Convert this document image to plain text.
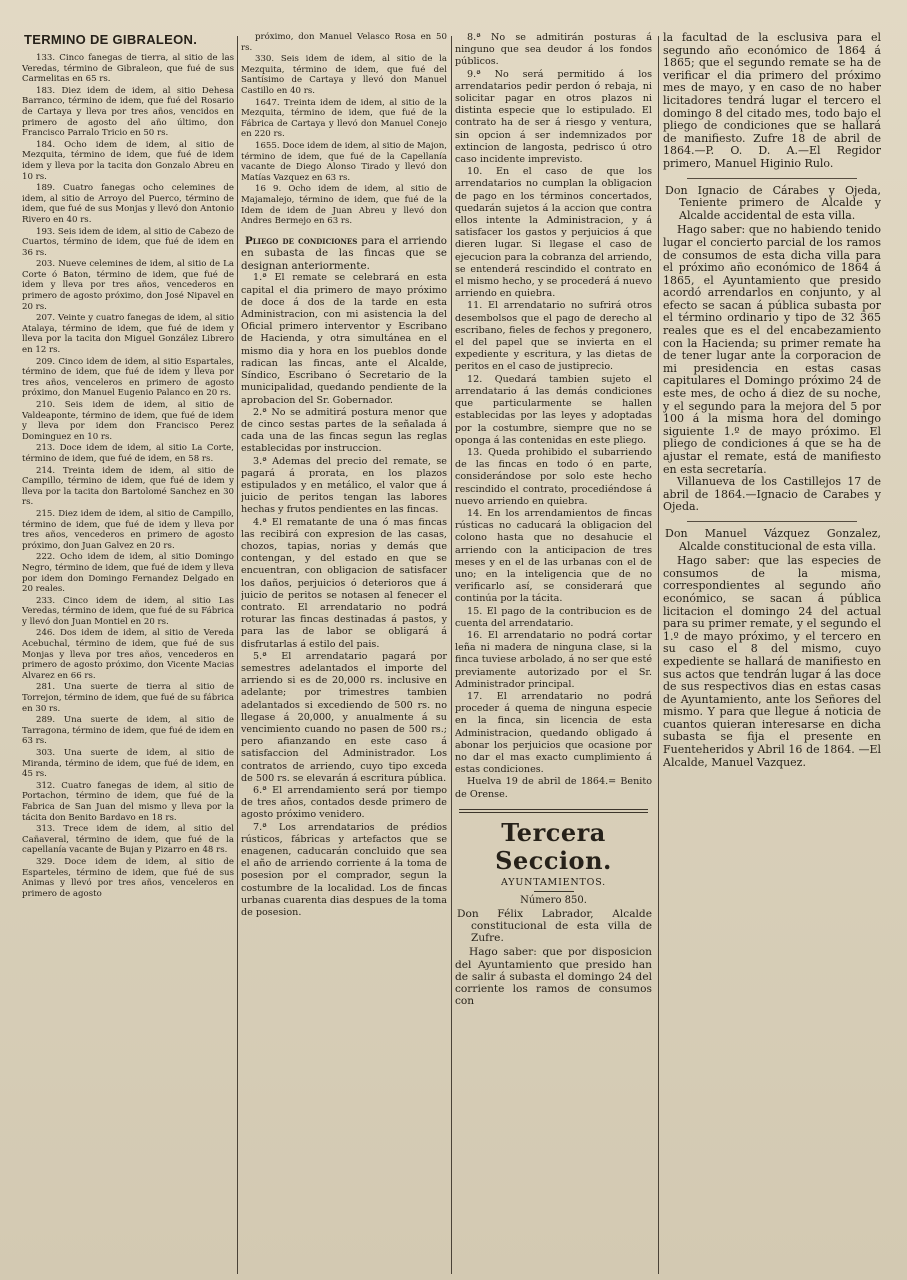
TERMINO DE GIBRALEON.

133. Cinco fanegas de tierra, al sitio de las Veredas, término de Gibraleon, que fué de sus Carmelitas en 65 rs.

183. Diez idem de idem, al sitio Dehesa Barranco, término de idem, que fué del Rosario de Cartaya y lleva por tres años, vencidos en primero de agosto del año último, don Francisco Parralo Tricio en 50 rs.

184. Ocho idem de idem, al sitio de Mezquita, término de idem, que fué de idem idem y lleva por la tacita don Gonzalo Abreu en 10 rs.

189. Cuatro fanegas ocho celemines de idem, al sitio de Arroyo del Puerco, término de idem, que fué de sus Monjas y llevó don Antonio Rivero en 40 rs.

193. Seis idem de idem, al sitio de Cabezo de Cuartos, término de idem, que fué de idem en 36 rs.

203. Nueve celemines de idem, al sitio de La Corte ó Baton, término de idem, que fué de idem y lleva por tres años, vencederos en primero de agosto próximo, don José Nipavel en 20 rs.

207. Veinte y cuatro fanegas de idem, al sitio Atalaya, término de idem, que fué de idem y lleva por la tacita don Miguel González Librero en 12 rs.

209. Cinco idem de idem, al sitio Espartales, término de idem, que fué de idem y lleva por tres años, venceleros en primero de agosto próximo, don Manuel Eugenio Palanco en 20 rs.

210. Seis idem de idem, al sitio de Valdeaponte, término de idem, que fué de idem y lleva por idem don Francisco Perez Dominguez en 10 rs.

213. Doce idem de idem, al sitio La Corte, término de idem, que fué de idem, en 58 rs.

214. Treinta idem de idem, al sitio de Campillo, término de idem, que fué de idem y lleva por la tacita don Bartolomé Sanchez en 30 rs.

215. Diez idem de idem, al sitio de Campillo, término de idem, que fué de idem y lleva por tres años, vencederos en primero de agosto próximo, don Juan Galvez en 20 rs.

222. Ocho idem de idem, al sitio Domingo Negro, término de idem, que fué de idem y lleva por idem don Domingo Fernandez Delgado en 20 reales.

233. Cinco idem de idem, al sitio Las Veredas, término de idem, que fué de su Fábrica y llevó don Juan Montiel en 20 rs.

246. Dos idem de idem, al sitio de Vereda Acebuchal, término de idem, que fué de sus Monjas y lleva por tres años, vencederos en primero de agosto próximo, don Vicente Macias Alvarez en 66 rs.

281. Una suerte de tierra al sitio de Torrejon, término de idem, que fué de su fábrica en 30 rs.

289. Una suerte de idem, al sitio de Tarragona, término de idem, que fué de idem en 63 rs.

303. Una suerte de idem, al sitio de Miranda, término de idem, que fué de idem, en 45 rs.

312. Cuatro fanegas de idem, al sitio de Portachon, término de idem, que fué de la Fabrica de San Juan del mismo y lleva por la tácita don Benito Bardavo en 18 rs.

313. Trece idem de idem, al sitio del Cañaveral, término de idem, que fué de la capellanía vacante de Bujan y Pizarro en 48 rs.

329. Doce idem de idem, al sitio de Esparteles, término de idem, que fué de sus Animas y llevó por tres años, venceleros en primero de agosto

próximo, don Manuel Velasco Rosa en 50 rs.

330. Seis idem de idem, al sitio de la Mezquita, término de idem, que fué del Santísimo de Cartaya y llevó don Manuel Castillo en 40 rs.

1647. Treinta idem de idem, al sitio de la Mezquita, término de idem, que fué de la Fábrica de Cartaya y llevó don Manuel Conejo en 220 rs.

1655. Doce idem de idem, al sitio de Majon, término de idem, que fué de la Capellanía vacante de Diego Alonso Tirado y llevó don Matías Vazquez en 63 rs.

16 9. Ocho idem de idem, al sitio de Majamalejo, término de idem, que fué de la Idem de idem de Juan Abreu y llevó don Andres Bermejo en 63 rs.

Pliego de condiciones para el arriendo en subasta de las fincas que se designan anteriormente.

1.ª El remate se celebrará en esta capital el dia primero de mayo próximo de doce á dos de la tarde en esta Administracion, con mi asistencia la del Oficial primero interventor y Escribano de Hacienda, y otra simultánea en el mismo dia y hora en los pueblos donde radican las fincas, ante el Alcalde, Síndico, Escribano ó Secretario de la municipalidad, quedando pendiente de la aprobacion del Sr. Gobernador.

2.ª No se admitirá postura menor que de cinco sestas partes de la señalada á cada una de las fincas segun las reglas establecidas por instruccion.

3.ª Ademas del precio del remate, se pagará á prorata, en los plazos estipulados y en metálico, el valor que á juicio de peritos tengan las labores hechas y frutos pendientes en las fincas.

4.ª El rematante de una ó mas fincas las recibirá con expresion de las casas, chozos, tapias, norias y demás que contengan, y del estado en que se encuentran, con obligacion de satisfacer los daños, perjuicios ó deterioros que á juicio de peritos se notasen al fenecer el contrato. El arrendatario no podrá roturar las fincas destinadas á pastos, y para las de labor se obligará á disfrutarlas á estilo del pais.

5.ª El arrendatario pagará por semestres adelantados el importe del arriendo si es de 20,000 rs. inclusive en adelante; por trimestres tambien adelantados si excediendo de 500 rs. no llegase á 20,000, y anualmente á su vencimiento cuando no pasen de 500 rs.; pero afianzando en este caso á satisfaccion del Administrador. Los contratos de arriendo, cuyo tipo exceda de 500 rs. se elevarán á escritura pública.

6.ª El arrendamiento será por tiempo de tres años, contados desde primero de agosto próximo venidero.

7.ª Los arrendatarios de prédios rústicos, fábricas y artefactos que se enagenen, caducarán concluido que sea el año de arriendo corriente á la toma de posesion por el comprador, segun la costumbre de la localidad. Los de fincas urbanas cuarenta dias despues de la toma de posesion.

8.ª No se admitirán posturas á ninguno que sea deudor á los fondos públicos.

9.ª No será permitido á los arrendatarios pedir perdon ó rebaja, ni solicitar pagar en otros plazos ni distinta especie que lo estipulado. El contrato ha de ser á riesgo y ventura, sin opcion á ser indemnizados por extincion de langosta, pedrisco ú otro caso incidente imprevisto.

10. En el caso de que los arrendatarios no cumplan la obligacion de pago en los términos concertados, quedarán sujetos á la accion que contra ellos intente la Administracion, y á satisfacer los gastos y perjuicios á que dieren lugar. Si llegase el caso de ejecucion para la cobranza del arriendo, se entenderá rescindido el contrato en el mismo hecho, y se procederá á nuevo arriendo en quiebra.

11. El arrendatario no sufrirá otros desembolsos que el pago de derecho al escribano, fieles de fechos y pregonero, el del papel que se invierta en el expediente y escritura, y las dietas de peritos en el caso de justiprecio.

12. Quedará tambien sujeto el arrendatario á las demás condiciones que particularmente se hallen establecidas por las leyes y adoptadas por la costumbre, siempre que no se oponga á las contenidas en este pliego.

13. Queda prohibido el subarriendo de las fincas en todo ó en parte, considerándose por solo este hecho rescindido el contrato, procediéndose á nuevo arriendo en quiebra.

14. En los arrendamientos de fincas rústicas no caducará la obligacion del colono hasta que no desahucie el arriendo con la anticipacion de tres meses y en el de las urbanas con el de uno; en la inteligencia que de no verificarlo así, se considerará que continúa por la tácita.

15. El pago de la contribucion es de cuenta del arrendatario.

16. El arrendatario no podrá cortar leña ni madera de ninguna clase, si la finca tuviese arbolado, á no ser que esté previamente autorizado por el Sr. Administrador principal.

17. El arrendatario no podrá proceder á quema de ninguna especie en la finca, sin licencia de esta Administracion, quedando obligado á abonar los perjuicios que ocasione por no dar el mas exacto cumplimiento á estas condiciones.

Huelva 19 de abril de 1864.= Benito de Orense.

Tercera Seccion.
AYUNTAMIENTOS.
Número 850.

Don Félix Labrador, Alcalde constitucional de esta villa de Zufre.

Hago saber: que por disposicion del Ayuntamiento que presido han de salir á subasta el domingo 24 del corriente los ramos de consumos con

la facultad de la esclusiva para el segundo año económico de 1864 á 1865; que el segundo remate se ha de verificar el dia primero del próximo mes de mayo, y en caso de no haber licitadores tendrá lugar el tercero el domingo 8 del citado mes, todo bajo el pliego de condiciones que se hallará de manifiesto. Zufre 18 de abril de 1864.—P. O. D. A.—El Regidor primero, Manuel Higinio Rulo.

Don Ignacio de Cárabes y Ojeda, Teniente primero de Alcalde y Alcalde accidental de esta villa.

Hago saber: que no habiendo tenido lugar el concierto parcial de los ramos de consumos de esta dicha villa para el próximo año económico de 1864 á 1865, el Ayuntamiento que presido acordó arrendarlos en conjunto, y al efecto se sacan á pública subasta por el término ordinario y tipo de 32 365 reales que es el del encabezamiento con la Hacienda; su primer remate ha de tener lugar ante la corporacion de mi presidencia en estas casas capitulares el Domingo próximo 24 de este mes, de ocho á diez de su noche, y el segundo para la mejora del 5 por 100 á la misma hora del domingo siguiente 1.º de mayo próximo. El pliego de condiciones á que se ha de ajustar el remate, está de manifiesto en esta secretaría.

Villanueva de los Castillejos 17 de abril de 1864.—Ignacio de Carabes y Ojeda.

Don Manuel Vázquez Gonzalez, Alcalde constitucional de esta villa.

Hago saber: que las especies de consumos de la misma, correspondientes al segundo año económico, se sacan á pública licitacion el domingo 24 del actual para su primer remate, y el segundo el 1.º de mayo próximo, y el tercero en su caso el 8 del mismo, cuyo expediente se hallará de manifiesto en sus actos que tendrán lugar á las doce de sus respectivos dias en estas casas de Ayuntamiento, ante los Señores del mismo. Y para que llegue á noticia de cuantos quieran interesarse en dicha subasta se fija el presente en Fuenteheridos y Abril 16 de 1864. —El Alcalde, Manuel Vazquez.
